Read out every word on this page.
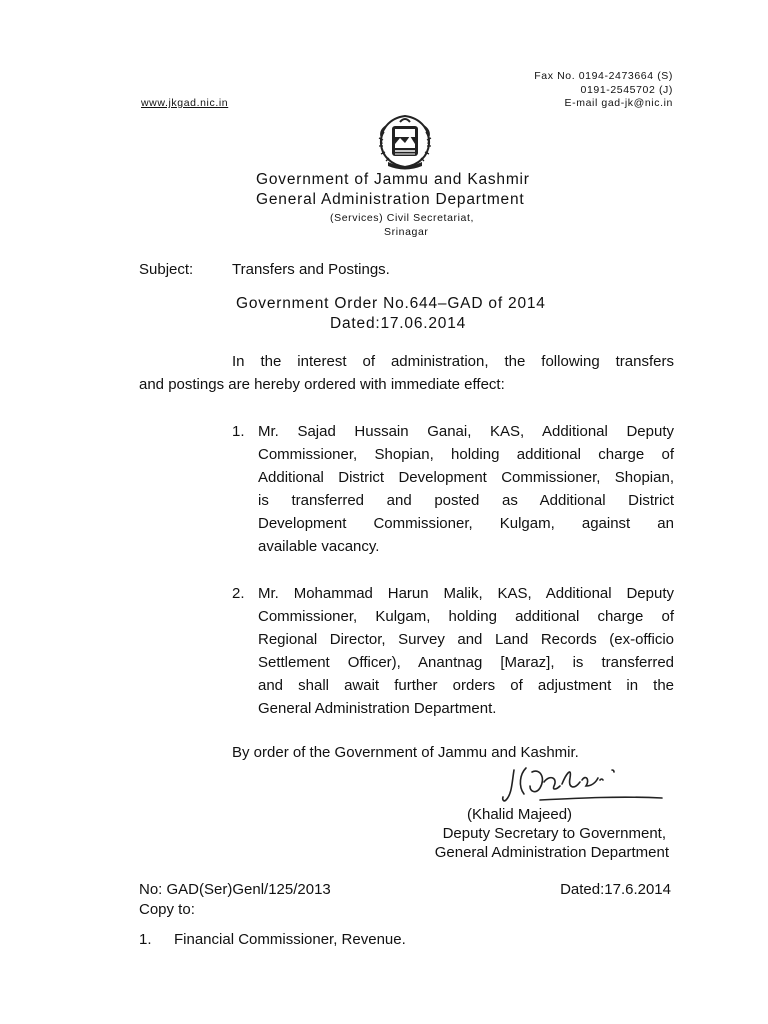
Fax No. 0194-2473664 (S)
0191-2545702 (J)
E-mail gad-jk@nic.in
www.jkgad.nic.in
Government of Jammu and Kashmir
General Administration Department
(Services) Civil Secretariat,
Srinagar
Subject:	Transfers and Postings.
Government Order No.644–GAD of 2014
Dated:17.06.2014
In the interest of administration, the following transfers
and postings are hereby ordered with immediate effect:
1. Mr. Sajad Hussain Ganai, KAS, Additional Deputy
Commissioner, Shopian, holding additional charge of
Additional District Development Commissioner, Shopian,
is transferred and posted as Additional District
Development Commissioner, Kulgam, against an
available vacancy.
2. Mr. Mohammad Harun Malik, KAS, Additional Deputy
Commissioner, Kulgam, holding additional charge of
Regional Director, Survey and Land Records (ex-officio
Settlement Officer), Anantnag [Maraz], is transferred
and shall await further orders of adjustment in the
General Administration Department.
By order of the Government of Jammu and Kashmir.
(Khalid Majeed)
Deputy Secretary to Government,
General Administration Department
No: GAD(Ser)Genl/125/2013	Dated:17.6.2014
Copy to:
1. Financial Commissioner, Revenue.
